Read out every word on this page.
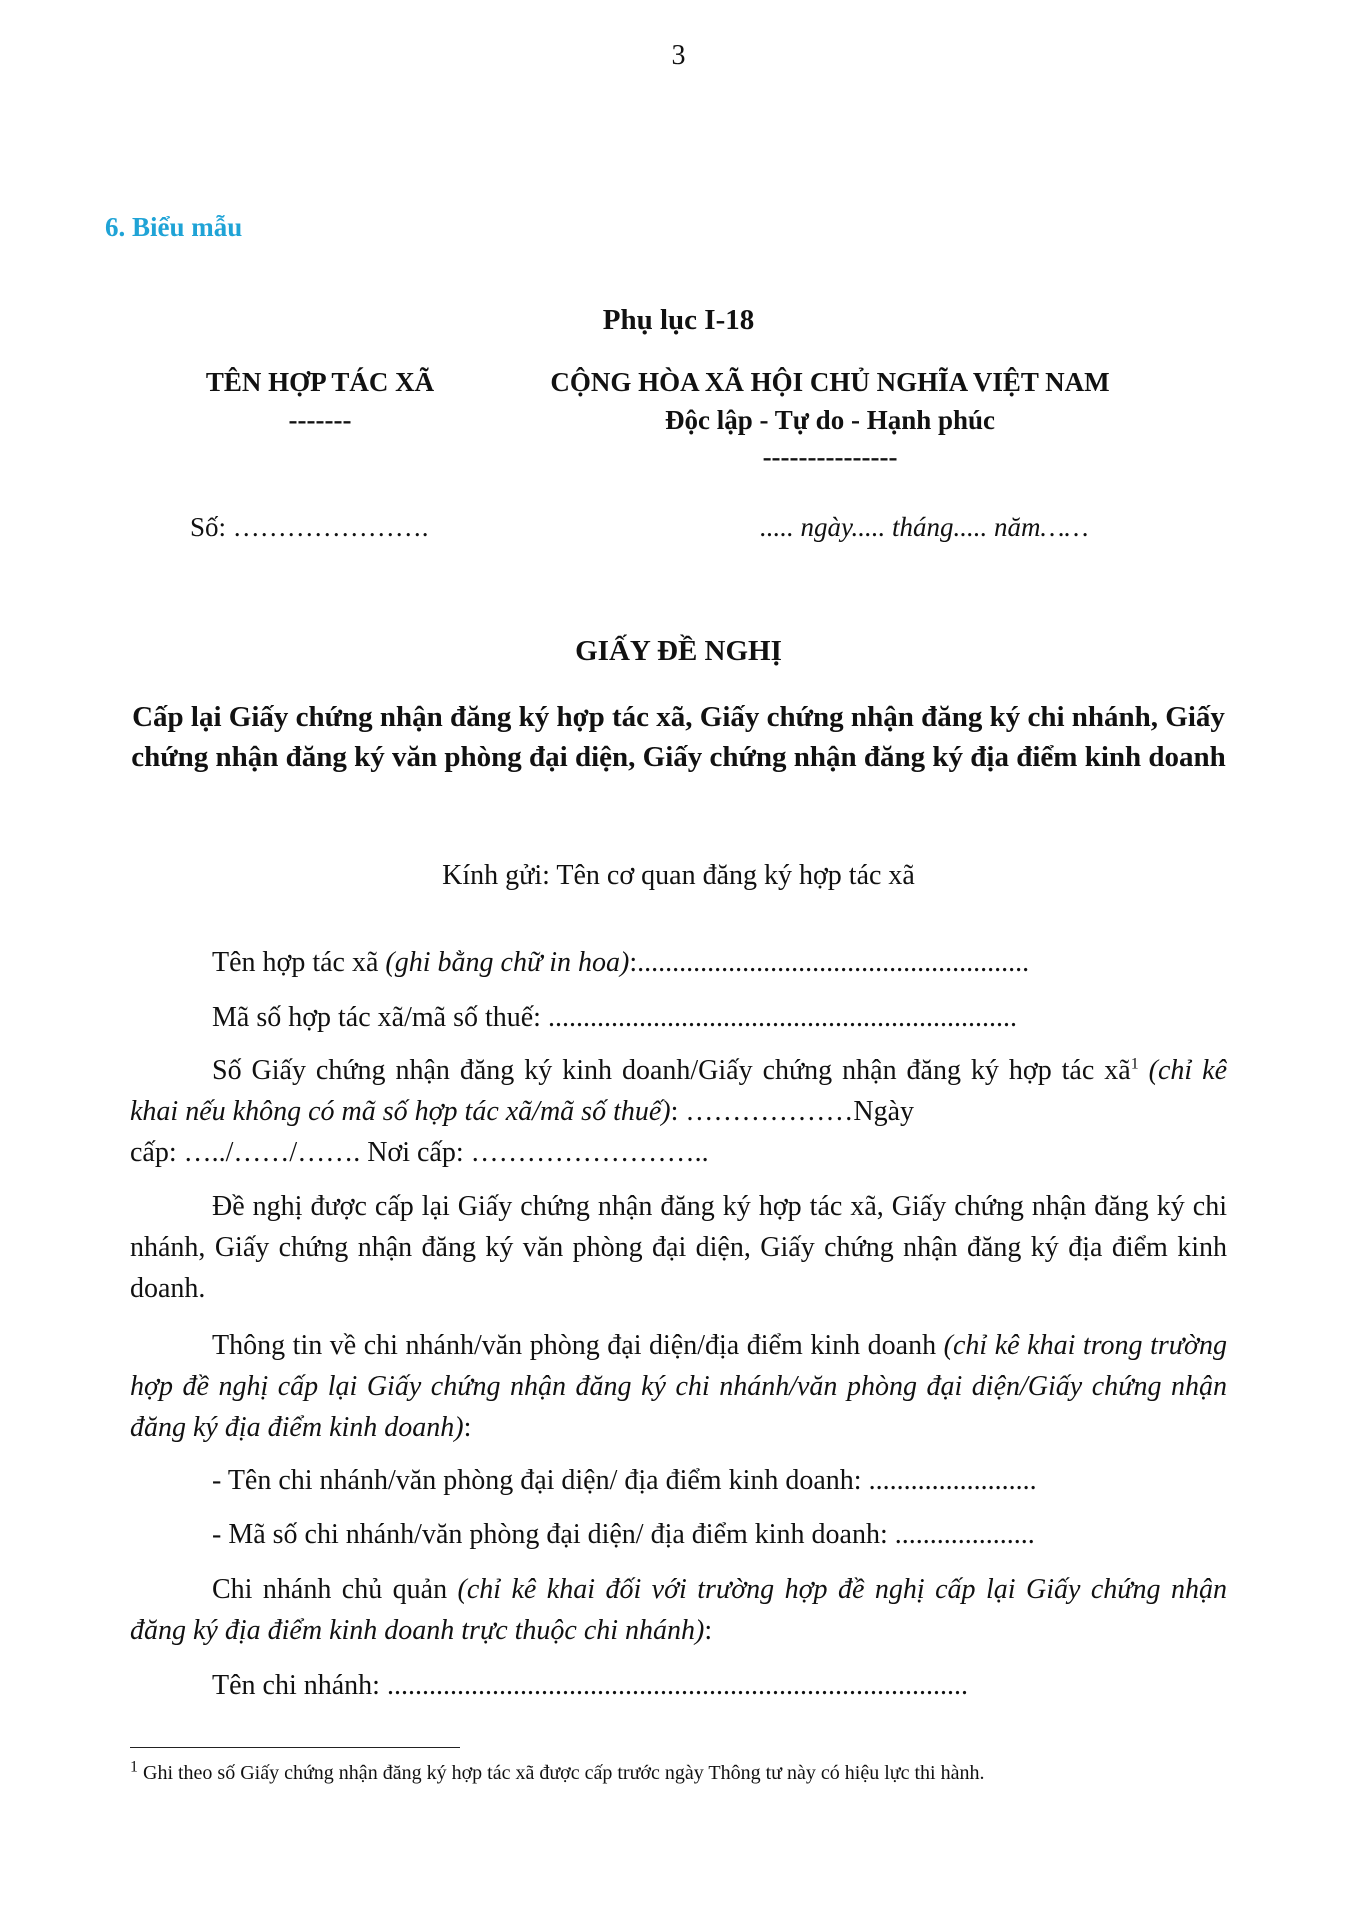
3
6. Biểu mẫu
Phụ lục I-18
TÊN HỢP TÁC XÃ
-------
CỘNG HÒA XÃ HỘI CHỦ NGHĨA VIỆT NAM
Độc lập - Tự do - Hạnh phúc
---------------
Số: ………………….	..... ngày..... tháng..... năm……
GIẤY ĐỀ NGHỊ
Cấp lại Giấy chứng nhận đăng ký hợp tác xã, Giấy chứng nhận đăng ký chi nhánh, Giấy chứng nhận đăng ký văn phòng đại diện, Giấy chứng nhận đăng ký địa điểm kinh doanh
Kính gửi: Tên cơ quan đăng ký hợp tác xã
Tên hợp tác xã (ghi bằng chữ in hoa):........................................................
Mã số hợp tác xã/mã số thuế: ...................................................................
Số Giấy chứng nhận đăng ký kinh doanh/Giấy chứng nhận đăng ký hợp tác $xã^1$ (chỉ kê khai nếu không có mã số hợp tác xã/mã số thuế): ………………Ngày
cấp: …../……/……. Nơi cấp: ……………………..
Đề nghị được cấp lại Giấy chứng nhận đăng ký hợp tác xã, Giấy chứng nhận đăng ký chi nhánh, Giấy chứng nhận đăng ký văn phòng đại diện, Giấy chứng nhận đăng ký địa điểm kinh doanh.
Thông tin về chi nhánh/văn phòng đại diện/địa điểm kinh doanh (chỉ kê khai trong trường hợp đề nghị cấp lại Giấy chứng nhận đăng ký chi nhánh/văn phòng đại diện/Giấy chứng nhận đăng ký địa điểm kinh doanh):
- Tên chi nhánh/văn phòng đại diện/ địa điểm kinh doanh: ........................
- Mã số chi nhánh/văn phòng đại diện/ địa điểm kinh doanh: ....................
Chi nhánh chủ quản (chỉ kê khai đối với trường hợp đề nghị cấp lại Giấy chứng nhận đăng ký địa điểm kinh doanh trực thuộc chi nhánh):
Tên chi nhánh: ...................................................................................
$^1$ Ghi theo số Giấy chứng nhận đăng ký hợp tác xã được cấp trước ngày Thông tư này có hiệu lực thi hành.
